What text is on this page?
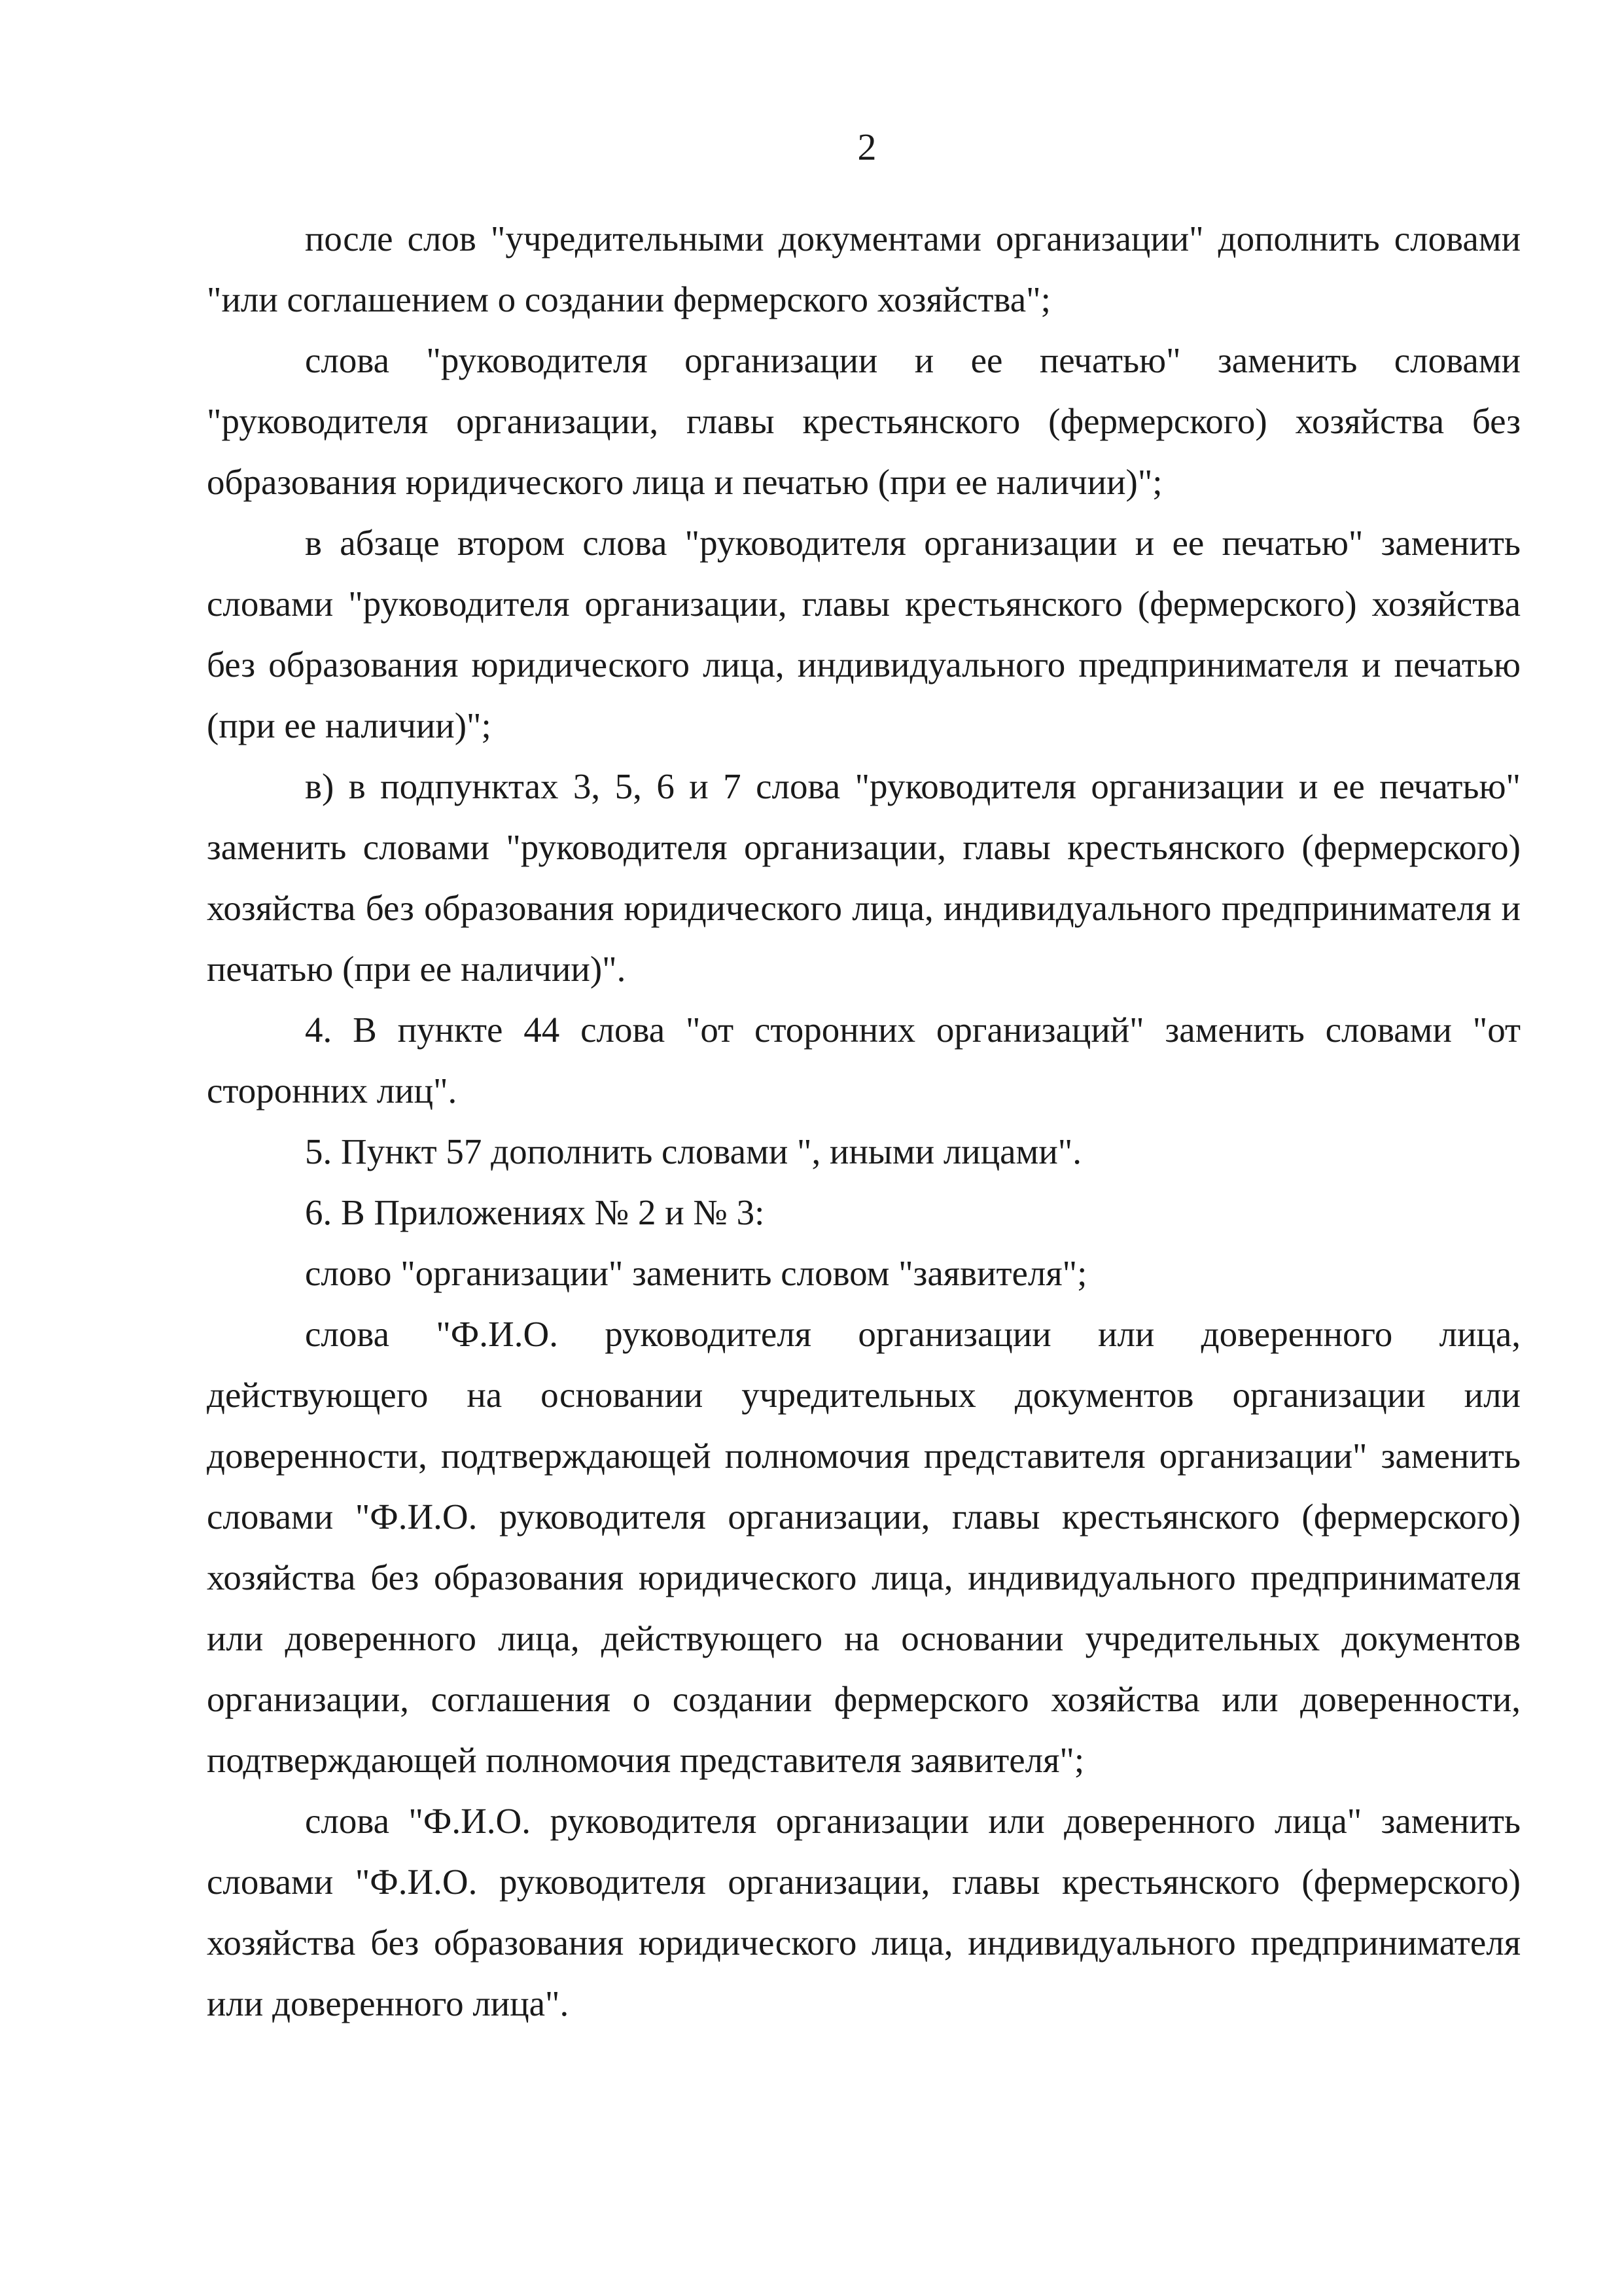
2

после слов "учредительными документами организации" дополнить словами "или соглашением о создании фермерского хозяйства";

слова "руководителя организации и ее печатью" заменить словами "руководителя организации, главы крестьянского (фермерского) хозяйства без образования юридического лица и печатью (при ее наличии)";

в абзаце втором слова "руководителя организации и ее печатью" заменить словами "руководителя организации, главы крестьянского (фермерского) хозяйства без образования юридического лица, индивидуального предпринимателя и печатью (при ее наличии)";

в) в подпунктах 3, 5, 6 и 7 слова "руководителя организации и ее печатью" заменить словами "руководителя организации, главы крестьянского (фермерского) хозяйства без образования юридического лица, индивидуального предпринимателя и печатью (при ее наличии)".

4. В пункте 44 слова "от сторонних организаций" заменить словами "от сторонних лиц".

5. Пункт 57 дополнить словами ", иными лицами".

6. В Приложениях № 2 и № 3:

слово "организации" заменить словом "заявителя";

слова "Ф.И.О. руководителя организации или доверенного лица, действующего на основании учредительных документов организации или доверенности, подтверждающей полномочия представителя организации" заменить словами "Ф.И.О. руководителя организации, главы крестьянского (фермерского) хозяйства без образования юридического лица, индивидуального предпринимателя или доверенного лица, действующего на основании учредительных документов организации, соглашения о создании фермерского хозяйства или доверенности, подтверждающей полномочия представителя заявителя";

слова "Ф.И.О. руководителя организации или доверенного лица" заменить словами "Ф.И.О. руководителя организации, главы крестьянского (фермерского) хозяйства без образования юридического лица, индивидуального предпринимателя или доверенного лица".
